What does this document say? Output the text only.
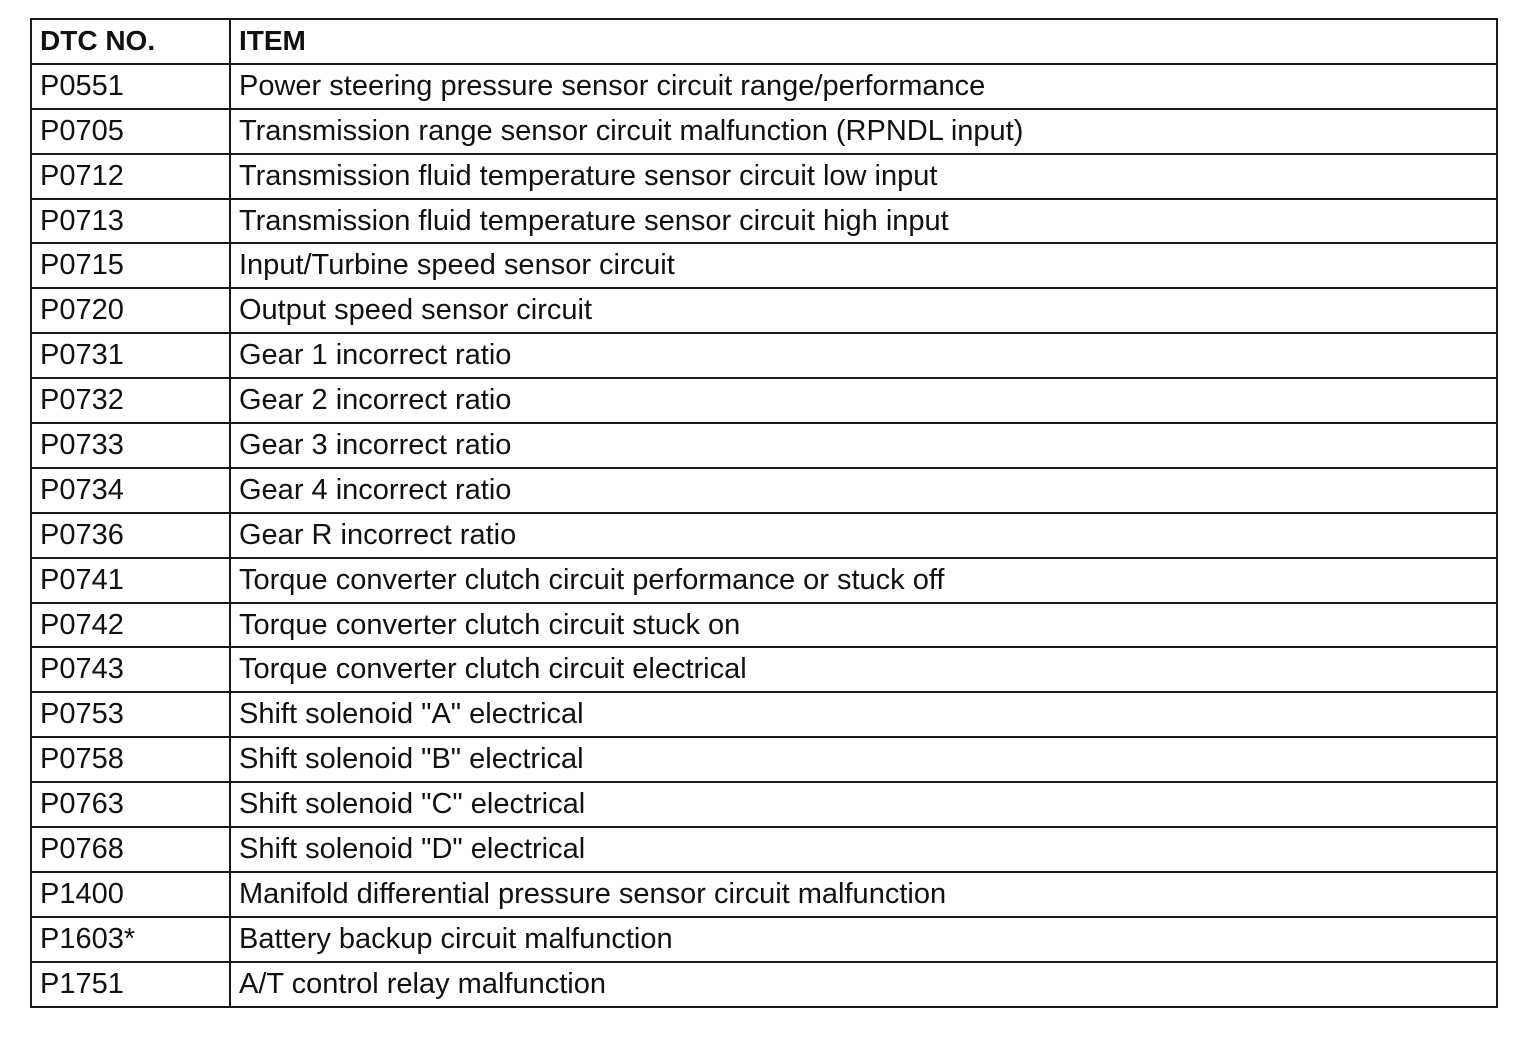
DTC NO.	ITEM
P0551	Power steering pressure sensor circuit range/performance
P0705	Transmission range sensor circuit malfunction (RPNDL input)
P0712	Transmission fluid temperature sensor circuit low input
P0713	Transmission fluid temperature sensor circuit high input
P0715	Input/Turbine speed sensor circuit
P0720	Output speed sensor circuit
P0731	Gear 1 incorrect ratio
P0732	Gear 2 incorrect ratio
P0733	Gear 3 incorrect ratio
P0734	Gear 4 incorrect ratio
P0736	Gear R incorrect ratio
P0741	Torque converter clutch circuit performance or stuck off
P0742	Torque converter clutch circuit stuck on
P0743	Torque converter clutch circuit electrical
P0753	Shift solenoid "A" electrical
P0758	Shift solenoid "B" electrical
P0763	Shift solenoid "C" electrical
P0768	Shift solenoid "D" electrical
P1400	Manifold differential pressure sensor circuit malfunction
P1603*	Battery backup circuit malfunction
P1751	A/T control relay malfunction
